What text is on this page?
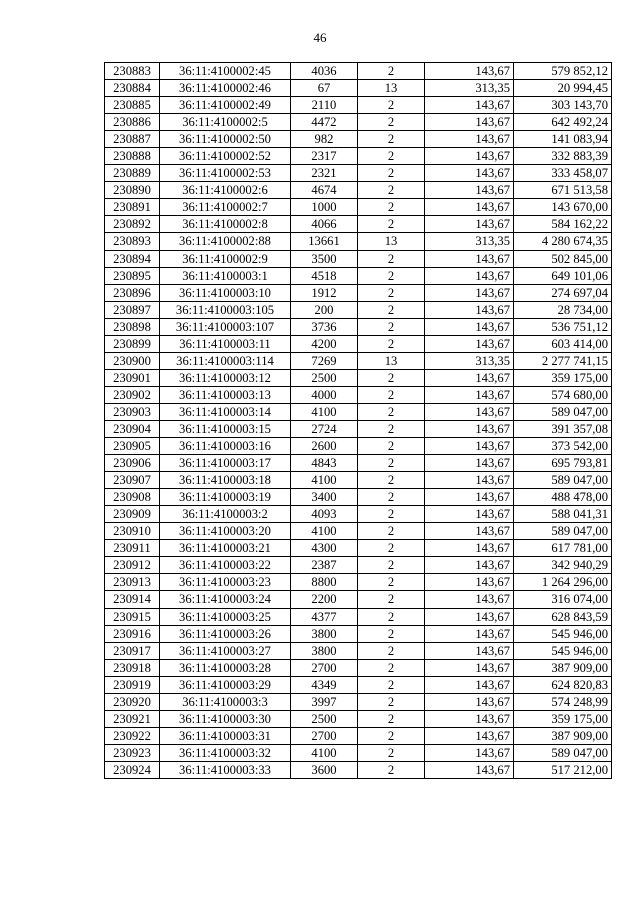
46
230883	36:11:4100002:45	4036	2	143,67	579 852,12
230884	36:11:4100002:46	67	13	313,35	20 994,45
230885	36:11:4100002:49	2110	2	143,67	303 143,70
230886	36:11:4100002:5	4472	2	143,67	642 492,24
230887	36:11:4100002:50	982	2	143,67	141 083,94
230888	36:11:4100002:52	2317	2	143,67	332 883,39
230889	36:11:4100002:53	2321	2	143,67	333 458,07
230890	36:11:4100002:6	4674	2	143,67	671 513,58
230891	36:11:4100002:7	1000	2	143,67	143 670,00
230892	36:11:4100002:8	4066	2	143,67	584 162,22
230893	36:11:4100002:88	13661	13	313,35	4 280 674,35
230894	36:11:4100002:9	3500	2	143,67	502 845,00
230895	36:11:4100003:1	4518	2	143,67	649 101,06
230896	36:11:4100003:10	1912	2	143,67	274 697,04
230897	36:11:4100003:105	200	2	143,67	28 734,00
230898	36:11:4100003:107	3736	2	143,67	536 751,12
230899	36:11:4100003:11	4200	2	143,67	603 414,00
230900	36:11:4100003:114	7269	13	313,35	2 277 741,15
230901	36:11:4100003:12	2500	2	143,67	359 175,00
230902	36:11:4100003:13	4000	2	143,67	574 680,00
230903	36:11:4100003:14	4100	2	143,67	589 047,00
230904	36:11:4100003:15	2724	2	143,67	391 357,08
230905	36:11:4100003:16	2600	2	143,67	373 542,00
230906	36:11:4100003:17	4843	2	143,67	695 793,81
230907	36:11:4100003:18	4100	2	143,67	589 047,00
230908	36:11:4100003:19	3400	2	143,67	488 478,00
230909	36:11:4100003:2	4093	2	143,67	588 041,31
230910	36:11:4100003:20	4100	2	143,67	589 047,00
230911	36:11:4100003:21	4300	2	143,67	617 781,00
230912	36:11:4100003:22	2387	2	143,67	342 940,29
230913	36:11:4100003:23	8800	2	143,67	1 264 296,00
230914	36:11:4100003:24	2200	2	143,67	316 074,00
230915	36:11:4100003:25	4377	2	143,67	628 843,59
230916	36:11:4100003:26	3800	2	143,67	545 946,00
230917	36:11:4100003:27	3800	2	143,67	545 946,00
230918	36:11:4100003:28	2700	2	143,67	387 909,00
230919	36:11:4100003:29	4349	2	143,67	624 820,83
230920	36:11:4100003:3	3997	2	143,67	574 248,99
230921	36:11:4100003:30	2500	2	143,67	359 175,00
230922	36:11:4100003:31	2700	2	143,67	387 909,00
230923	36:11:4100003:32	4100	2	143,67	589 047,00
230924	36:11:4100003:33	3600	2	143,67	517 212,00
